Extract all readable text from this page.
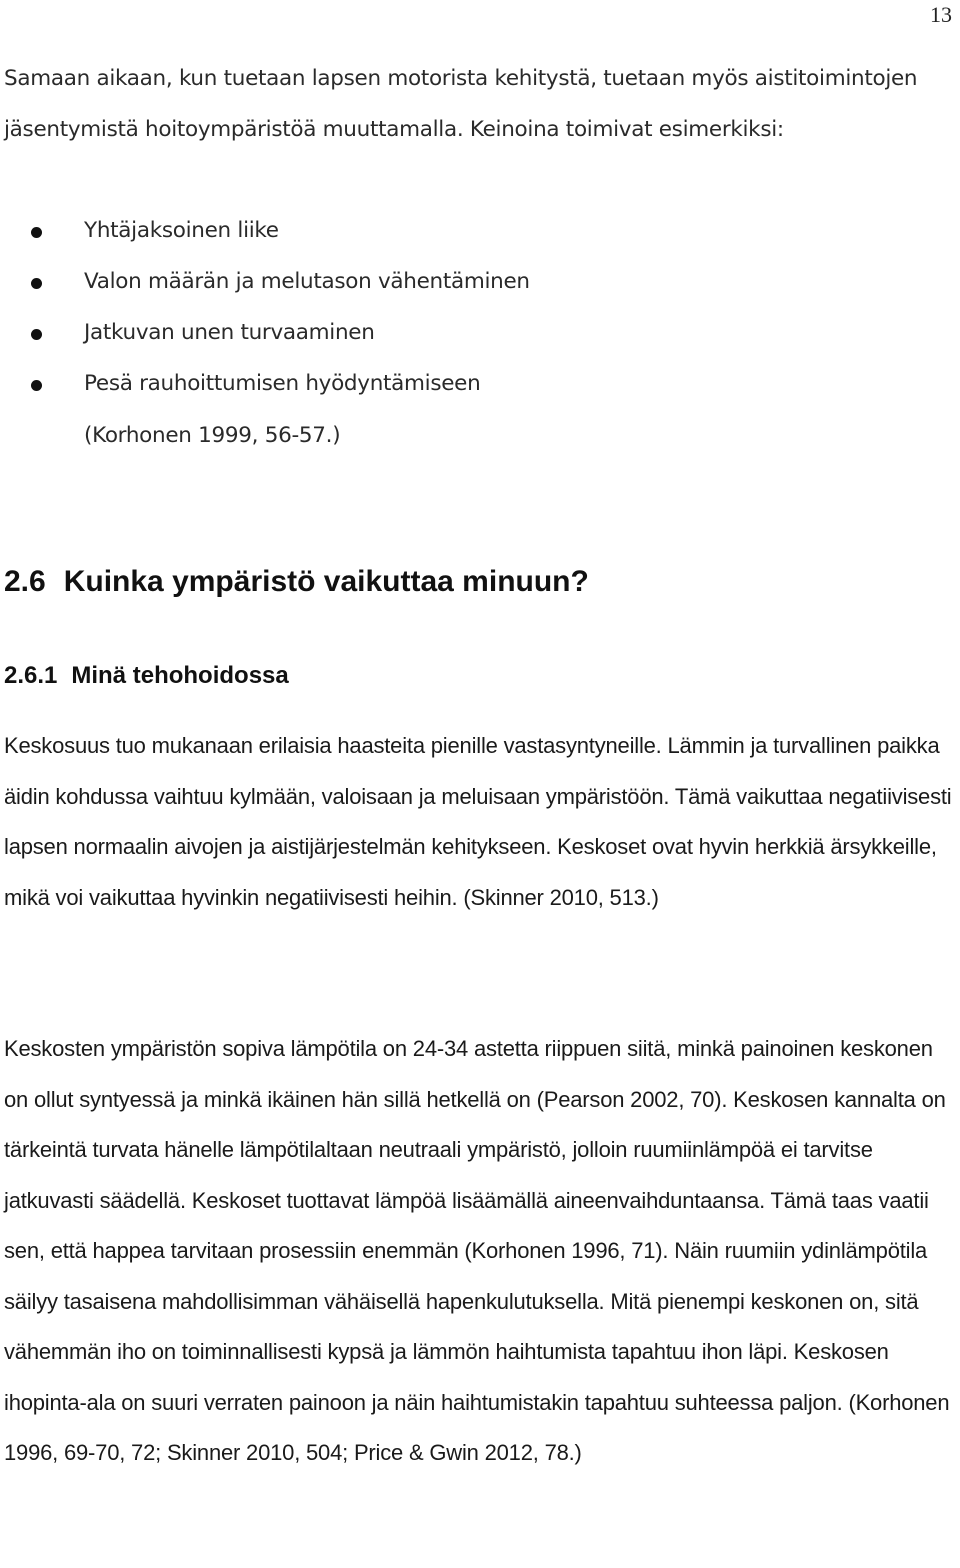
13

Samaan aikaan, kun tuetaan lapsen motorista kehitystä, tuetaan myös aistitoimintojen jäsentymistä hoitoympäristöä muuttamalla. Keinoina toimivat esimerkiksi:

Yhtäjaksoinen liike
Valon määrän ja melutason vähentäminen
Jatkuvan unen turvaaminen
Pesä rauhoittumisen hyödyntämiseen

(Korhonen 1999, 56-57.)

2.6 Kuinka ympäristö vaikuttaa minuun?
2.6.1 Minä tehohoidossa

Keskosuus tuo mukanaan erilaisia haasteita pienille vastasyntyneille. Lämmin ja turvallinen paikka äidin kohdussa vaihtuu kylmään, valoisaan ja meluisaan ympäristöön. Tämä vaikuttaa negatiivisesti lapsen normaalin aivojen ja aistijärjestelmän kehitykseen. Keskoset ovat hyvin herkkiä ärsykkeille, mikä voi vaikuttaa hyvinkin negatiivisesti heihin. (Skinner 2010, 513.)

Keskosten ympäristön sopiva lämpötila on 24-34 astetta riippuen siitä, minkä painoinen keskonen on ollut syntyessä ja minkä ikäinen hän sillä hetkellä on (Pearson 2002, 70). Keskosen kannalta on tärkeintä turvata hänelle lämpötilaltaan neutraali ympäristö, jolloin ruumiinlämpöä ei tarvitse jatkuvasti säädellä. Keskoset tuottavat lämpöä lisäämällä aineenvaihduntaansa. Tämä taas vaatii sen, että happea tarvitaan prosessiin enemmän (Korhonen 1996, 71). Näin ruumiin ydinlämpötila säilyy tasaisena mahdollisimman vähäisellä hapenkulutuksella. Mitä pienempi keskonen on, sitä vähemmän iho on toiminnallisesti kypsä ja lämmön haihtumista tapahtuu ihon läpi. Keskosen ihopinta-ala on suuri verraten painoon ja näin haihtumistakin tapahtuu suhteessa paljon. (Korhonen 1996, 69-70, 72; Skinner 2010, 504; Price & Gwin 2012, 78.)
